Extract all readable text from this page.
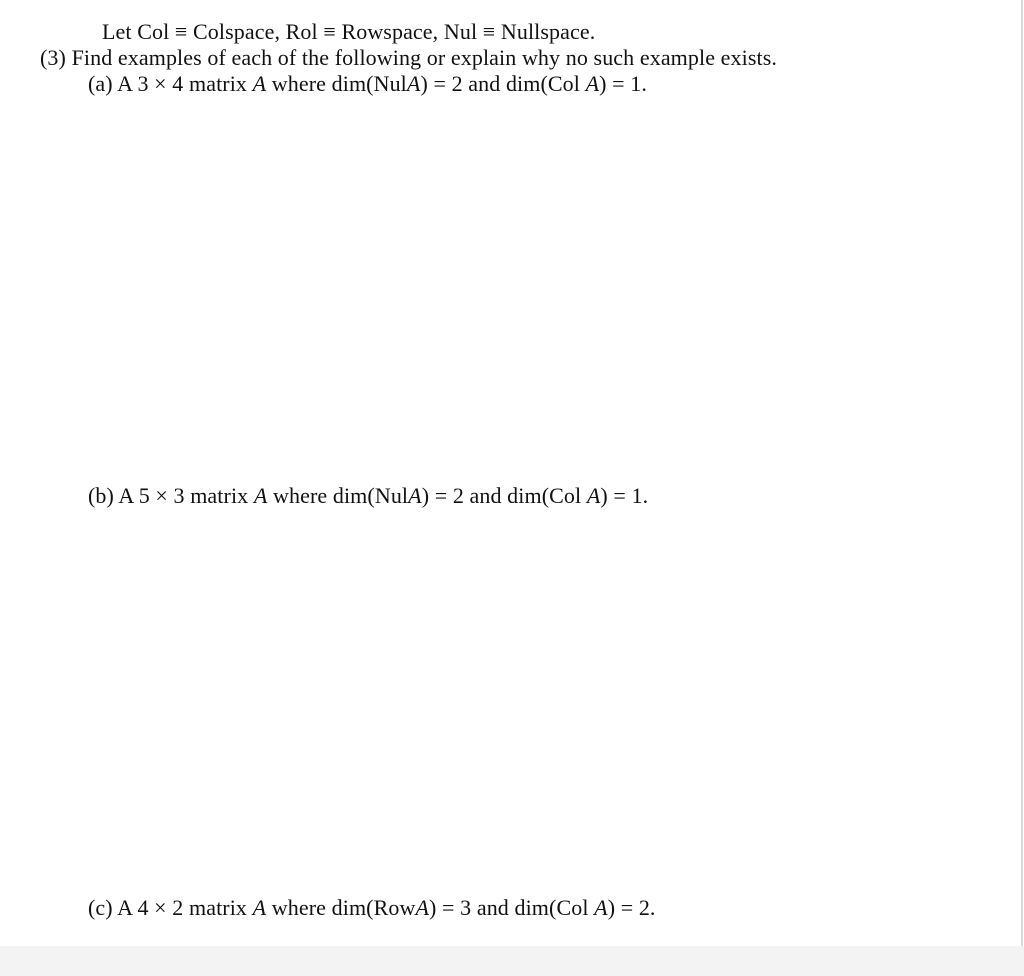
Let Col ≡ Colspace, Rol ≡ Rowspace, Nul ≡ Nullspace.
(3) Find examples of each of the following or explain why no such example exists.
(a) A 3 × 4 matrix A where dim(NulA) = 2 and dim(Col A) = 1.
(b) A 5 × 3 matrix A where dim(NulA) = 2 and dim(Col A) = 1.
(c) A 4 × 2 matrix A where dim(RowA) = 3 and dim(Col A) = 2.
